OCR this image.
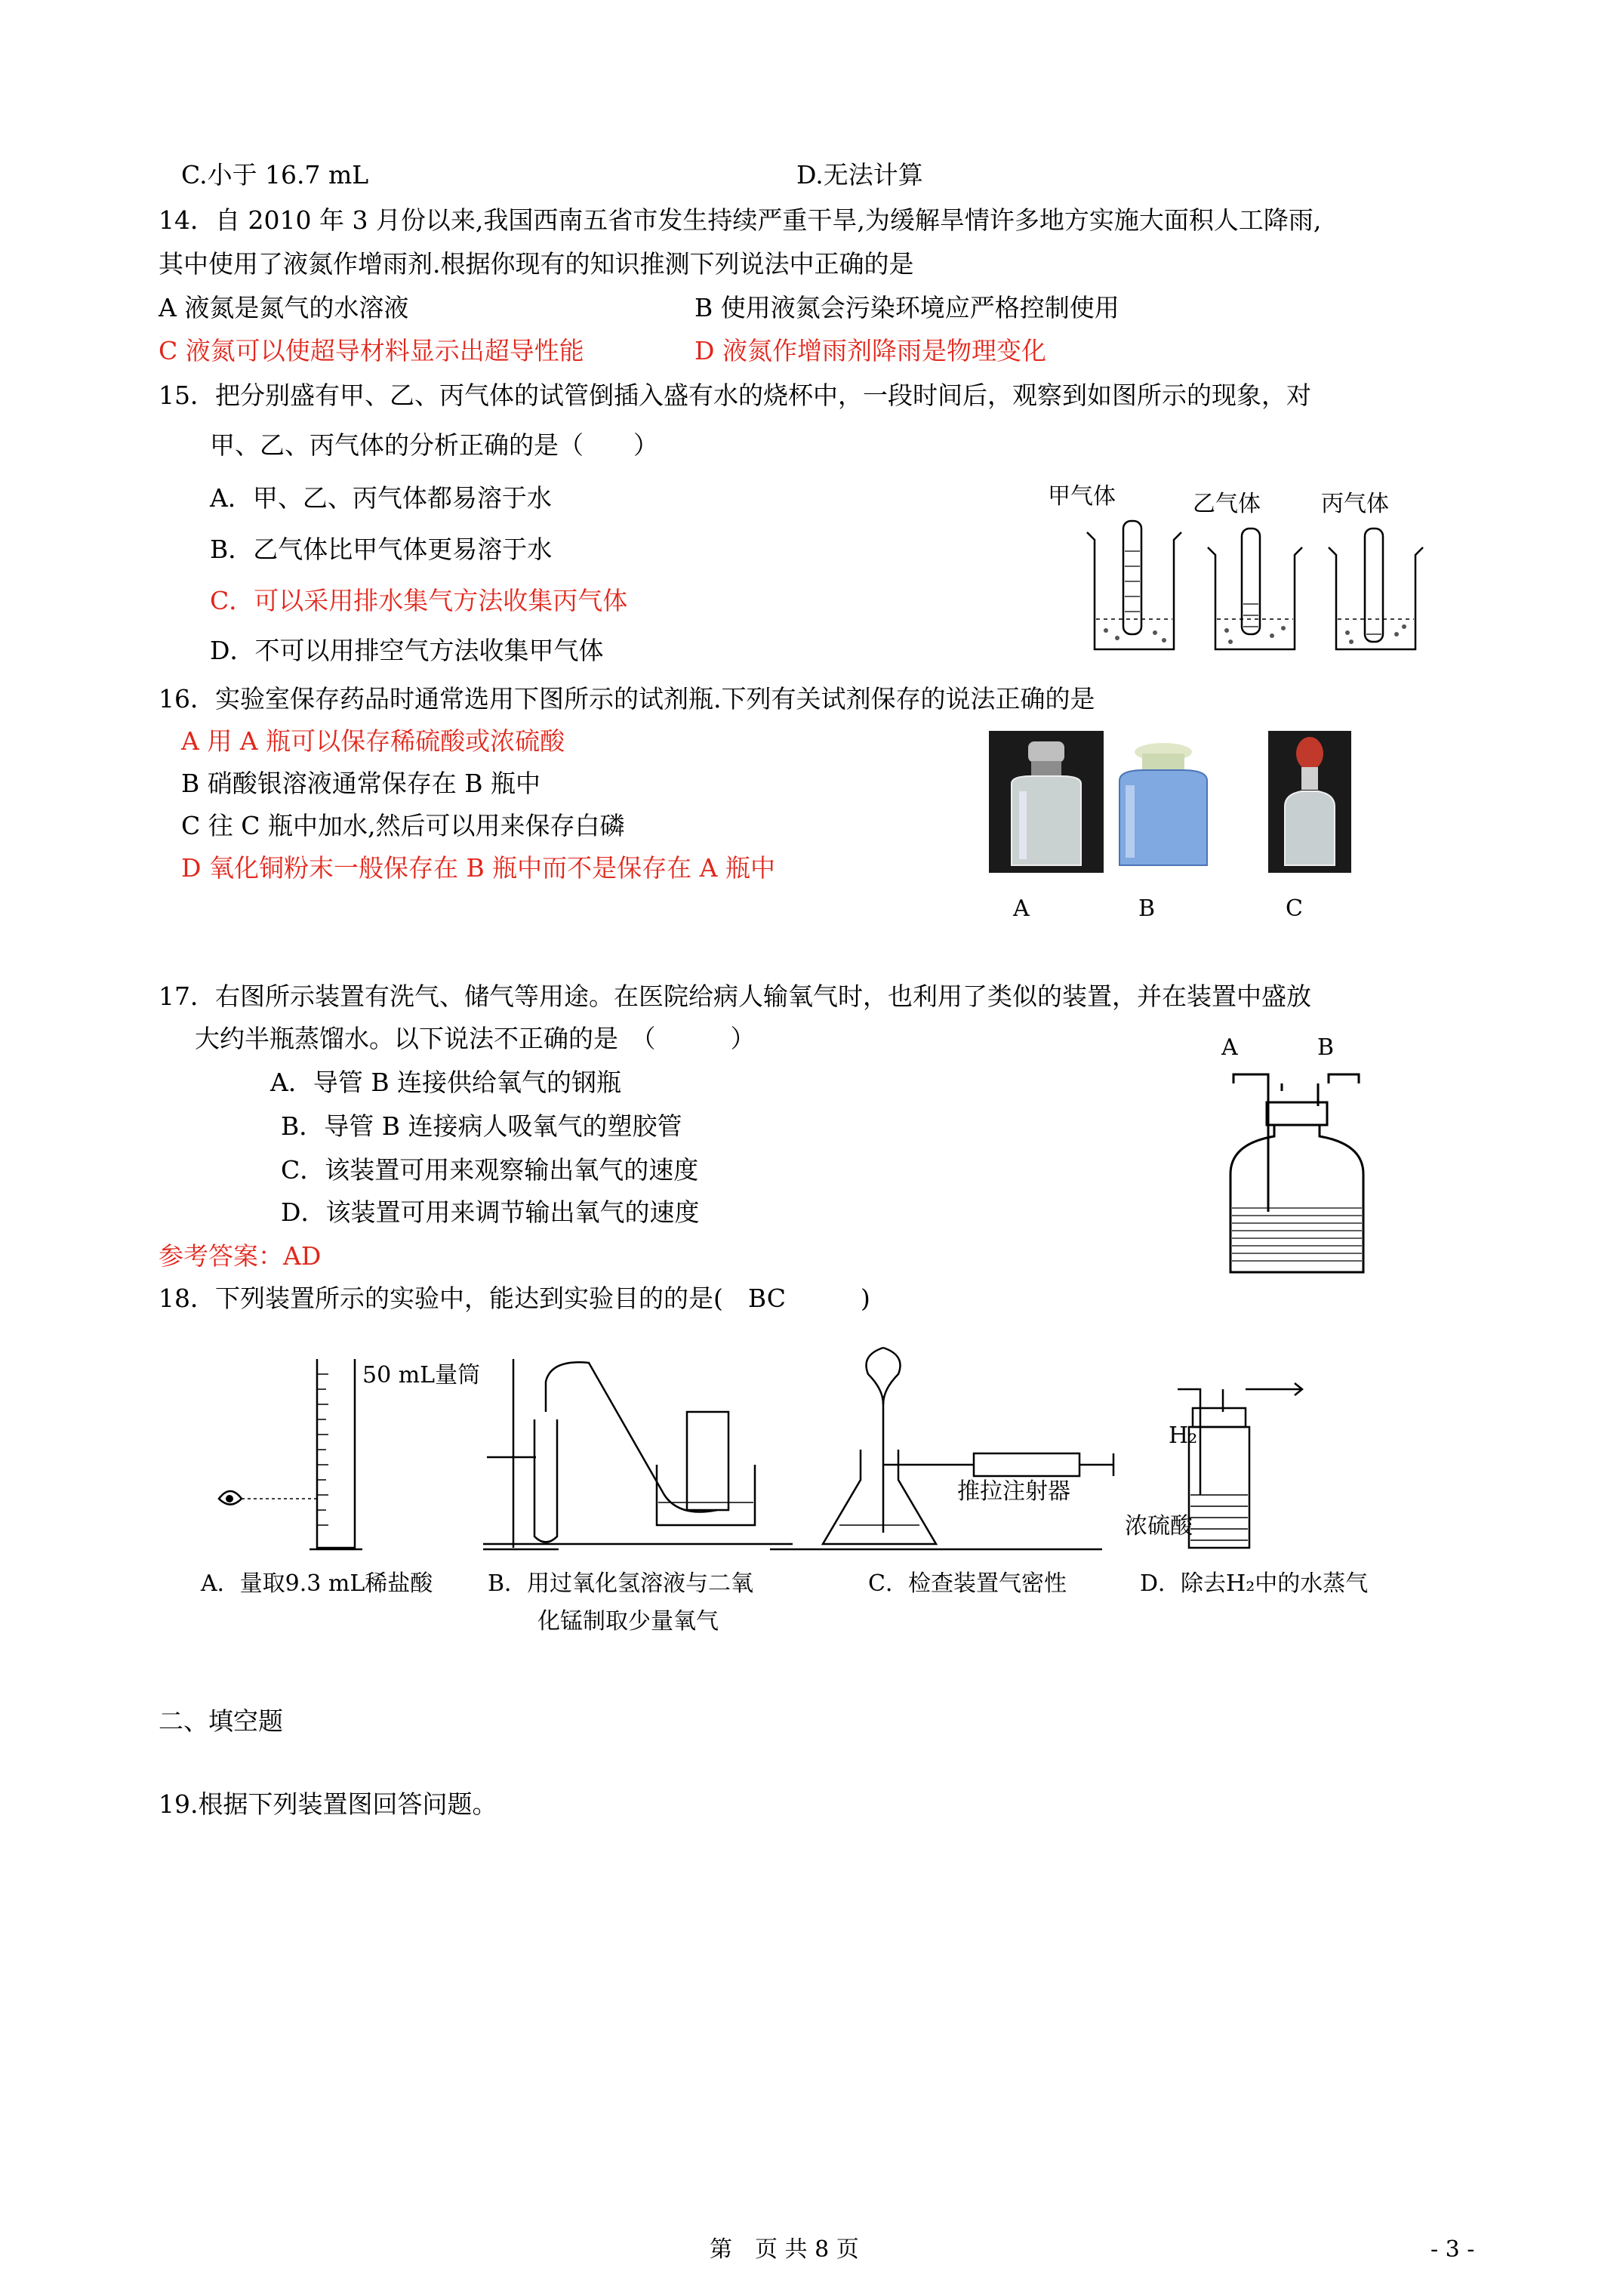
C.小于 16.7 mL	D.无法计算
14．自 2010 年 3 月份以来,我国西南五省市发生持续严重干旱,为缓解旱情许多地方实施大面积人工降雨,
其中使用了液氮作增雨剂.根据你现有的知识推测下列说法中正确的是
A 液氮是氮气的水溶液	B 使用液氮会污染环境应严格控制使用
C 液氮可以使超导材料显示出超导性能	D 液氮作增雨剂降雨是物理变化
15．把分别盛有甲、乙、丙气体的试管倒插入盛有水的烧杯中，一段时间后，观察到如图所示的现象，对
甲、乙、丙气体的分析正确的是（　　）
A．甲、乙、丙气体都易溶于水
B．乙气体比甲气体更易溶于水
C．可以采用排水集气方法收集丙气体
D．不可以用排空气方法收集甲气体
甲气体	乙气体	丙气体
16．实验室保存药品时通常选用下图所示的试剂瓶.下列有关试剂保存的说法正确的是
A 用 A 瓶可以保存稀硫酸或浓硫酸
B 硝酸银溶液通常保存在 B 瓶中
C 往 C 瓶中加水,然后可以用来保存白磷
D 氧化铜粉末一般保存在 B 瓶中而不是保存在 A 瓶中
A	B	C
17．右图所示装置有洗气、储气等用途。在医院给病人输氧气时，也利用了类似的装置，并在装置中盛放
大约半瓶蒸馏水。以下说法不正确的是　（　　　）
A．导管 B 连接供给氧气的钢瓶
B．导管 B 连接病人吸氧气的塑胶管
C．该装置可用来观察输出氧气的速度
D．该装置可用来调节输出氧气的速度
参考答案：AD
A	B
18．下列装置所示的实验中，能达到实验目的的是(　BC　　　)
50 mL量筒
推拉注射器
浓硫酸
H₂
A．量取9.3 mL稀盐酸 B．用过氧化氢溶液与二氧
化锰制取少量氧气
C．检查装置气密性	D．除去H₂中的水蒸气
二、填空题
19.根据下列装置图回答问题。
第　页 共 8 页	- 3 -
